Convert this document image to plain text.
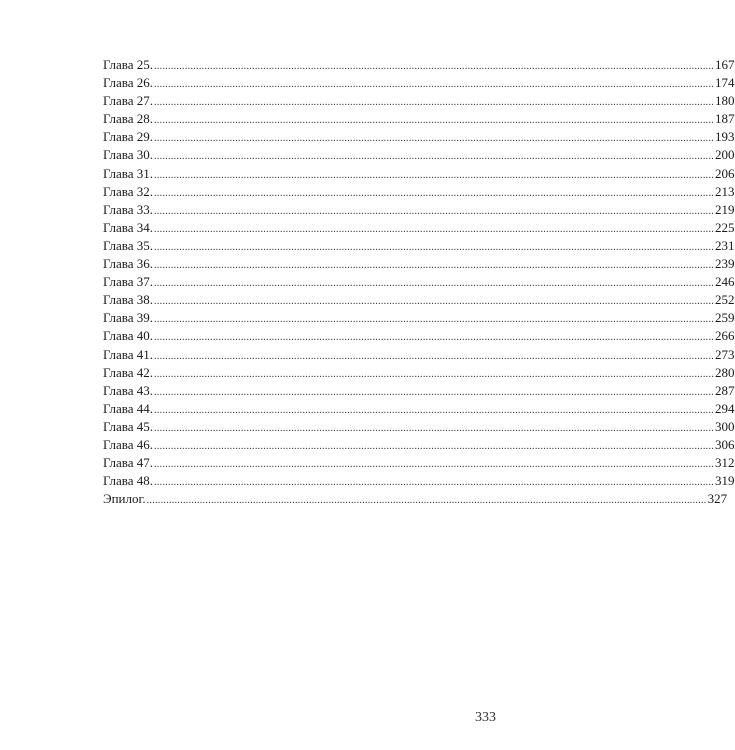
Глава 25. ........................................................................................................................................................................................................ 167
Глава 26. ........................................................................................................................................................................................................ 174
Глава 27. ........................................................................................................................................................................................................ 180
Глава 28. ........................................................................................................................................................................................................ 187
Глава 29. ........................................................................................................................................................................................................ 193
Глава 30. ........................................................................................................................................................................................................ 200
Глава 31. ........................................................................................................................................................................................................ 206
Глава 32. ........................................................................................................................................................................................................ 213
Глава 33. ........................................................................................................................................................................................................ 219
Глава 34. ........................................................................................................................................................................................................ 225
Глава 35. ........................................................................................................................................................................................................ 231
Глава 36. ........................................................................................................................................................................................................ 239
Глава 37. ........................................................................................................................................................................................................ 246
Глава 38. ........................................................................................................................................................................................................ 252
Глава 39. ........................................................................................................................................................................................................ 259
Глава 40. ........................................................................................................................................................................................................ 266
Глава 41. ........................................................................................................................................................................................................ 273
Глава 42. ........................................................................................................................................................................................................ 280
Глава 43. ........................................................................................................................................................................................................ 287
Глава 44. ........................................................................................................................................................................................................ 294
Глава 45. ........................................................................................................................................................................................................ 300
Глава 46. ........................................................................................................................................................................................................ 306
Глава 47. ........................................................................................................................................................................................................ 312
Глава 48. ........................................................................................................................................................................................................ 319
Эпилог. ........................................................................................................................................................................................................ 327
333
